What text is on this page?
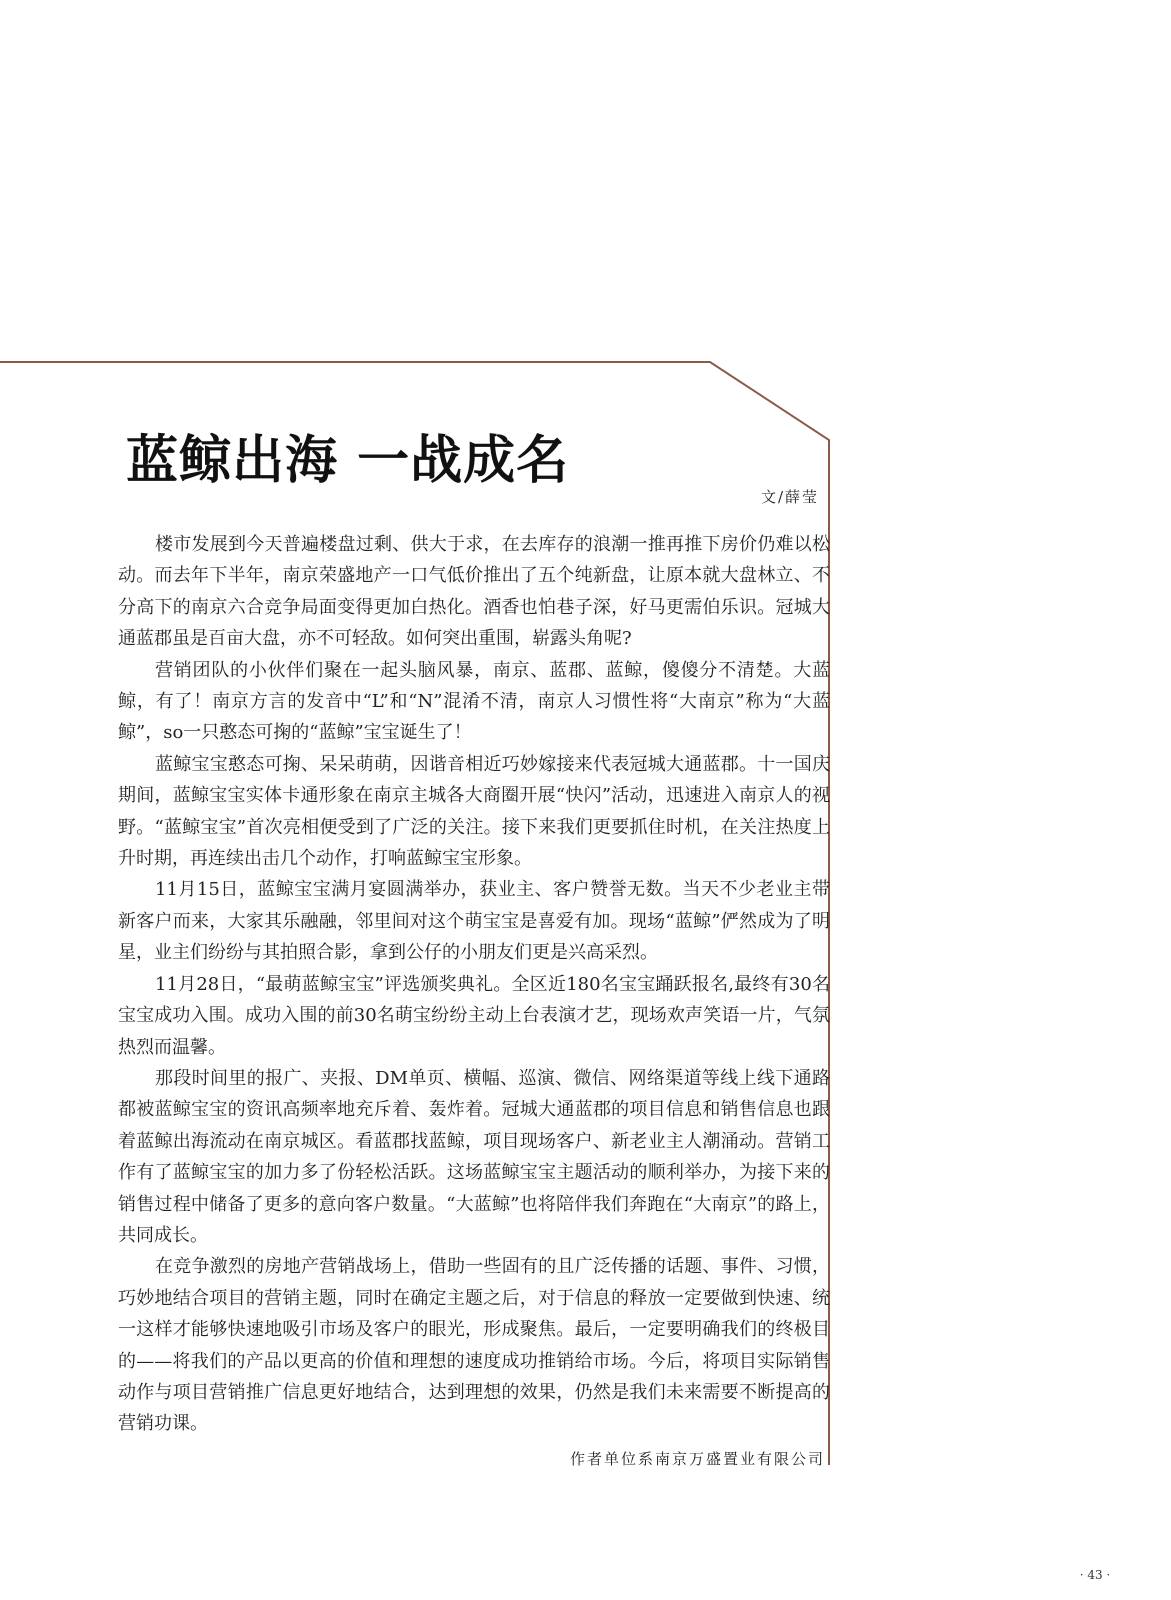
蓝鲸出海 一战成名
文/薛莹

楼市发展到今天普遍楼盘过剩、供大于求，在去库存的浪潮一推再推下房价仍难以松动。而去年下半年，南京荣盛地产一口气低价推出了五个纯新盘，让原本就大盘林立、不分高下的南京六合竞争局面变得更加白热化。酒香也怕巷子深，好马更需伯乐识。冠城大通蓝郡虽是百亩大盘，亦不可轻敌。如何突出重围，崭露头角呢?

营销团队的小伙伴们聚在一起头脑风暴，南京、蓝郡、蓝鲸，傻傻分不清楚。大蓝鲸，有了！南京方言的发音中“L”和“N”混淆不清，南京人习惯性将“大南京”称为“大蓝鲸”，so一只憨态可掬的“蓝鲸”宝宝诞生了！

蓝鲸宝宝憨态可掬、呆呆萌萌，因谐音相近巧妙嫁接来代表冠城大通蓝郡。十一国庆期间，蓝鲸宝宝实体卡通形象在南京主城各大商圈开展“快闪”活动，迅速进入南京人的视野。“蓝鲸宝宝”首次亮相便受到了广泛的关注。接下来我们更要抓住时机，在关注热度上升时期，再连续出击几个动作，打响蓝鲸宝宝形象。

11月15日，蓝鲸宝宝满月宴圆满举办，获业主、客户赞誉无数。当天不少老业主带新客户而来，大家其乐融融，邻里间对这个萌宝宝是喜爱有加。现场“蓝鲸”俨然成为了明星，业主们纷纷与其拍照合影，拿到公仔的小朋友们更是兴高采烈。

11月28日，“最萌蓝鲸宝宝”评选颁奖典礼。全区近180名宝宝踊跃报名,最终有30名宝宝成功入围。成功入围的前30名萌宝纷纷主动上台表演才艺，现场欢声笑语一片，气氛热烈而温馨。

那段时间里的报广、夹报、DM单页、横幅、巡演、微信、网络渠道等线上线下通路都被蓝鲸宝宝的资讯高频率地充斥着、轰炸着。冠城大通蓝郡的项目信息和销售信息也跟着蓝鲸出海流动在南京城区。看蓝郡找蓝鲸，项目现场客户、新老业主人潮涌动。营销工作有了蓝鲸宝宝的加力多了份轻松活跃。这场蓝鲸宝宝主题活动的顺利举办，为接下来的销售过程中储备了更多的意向客户数量。“大蓝鲸”也将陪伴我们奔跑在“大南京”的路上，共同成长。

在竞争激烈的房地产营销战场上，借助一些固有的且广泛传播的话题、事件、习惯，巧妙地结合项目的营销主题，同时在确定主题之后，对于信息的释放一定要做到快速、统一这样才能够快速地吸引市场及客户的眼光，形成聚焦。最后，一定要明确我们的终极目的——将我们的产品以更高的价值和理想的速度成功推销给市场。今后，将项目实际销售动作与项目营销推广信息更好地结合，达到理想的效果，仍然是我们未来需要不断提高的营销功课。

作者单位系南京万盛置业有限公司
· 43 ·
